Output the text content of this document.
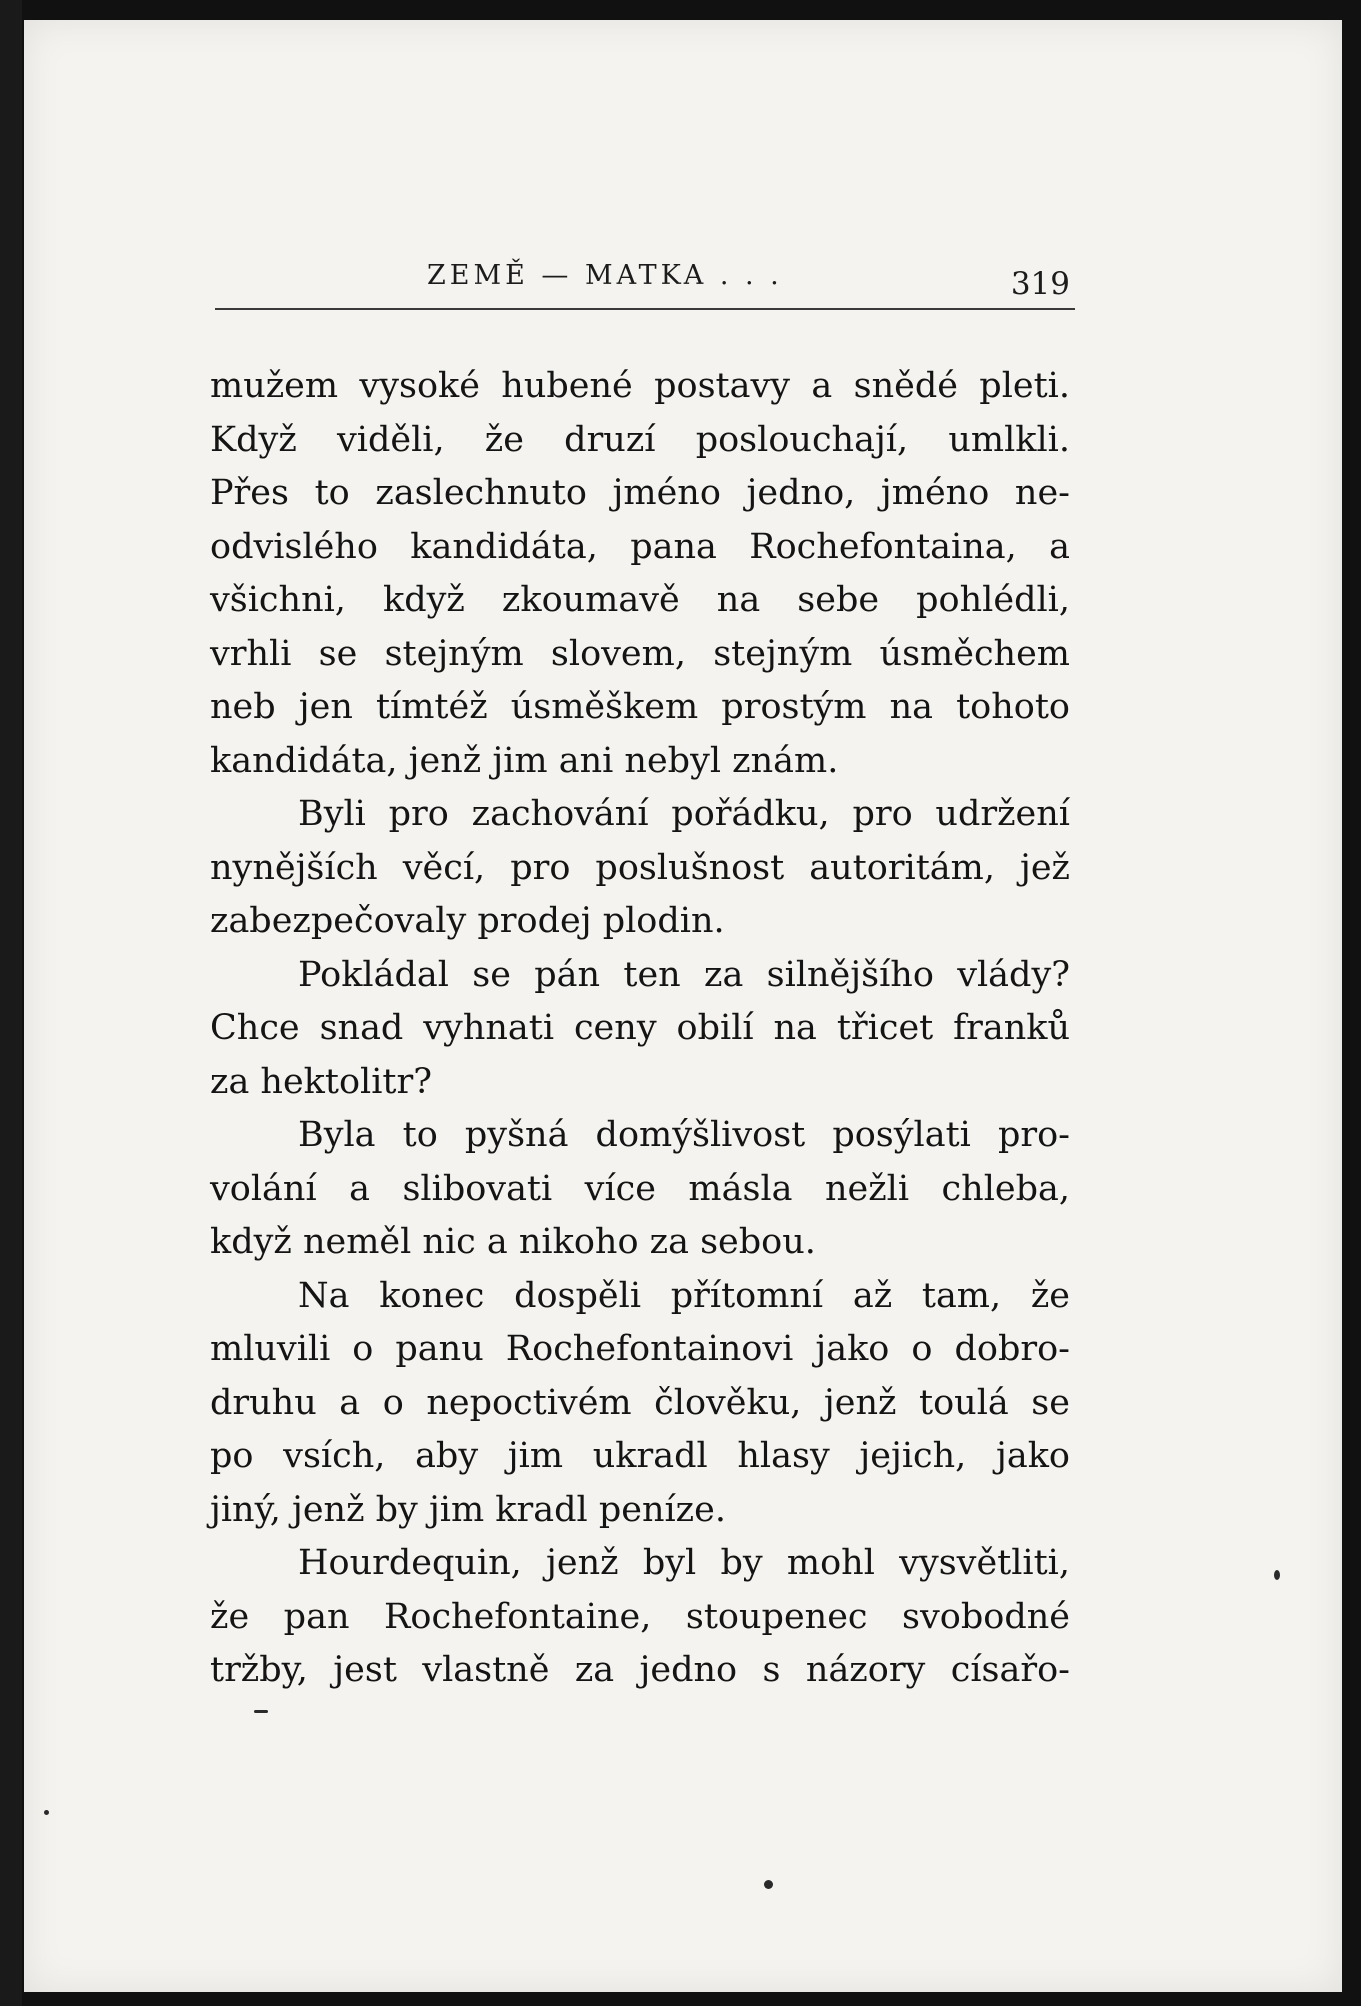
ZEMĚ — MATKA . . .	319
mužem vysoké hubené postavy a snědé pleti.
Když viděli, že druzí poslouchají, umlkli.
Přes to zaslechnuto jméno jedno, jméno ne-
odvislého kandidáta, pana Rochefontaina, a
všichni, když zkoumavě na sebe pohlédli,
vrhli se stejným slovem, stejným úsměchem
neb jen tímtéž úsměškem prostým na tohoto
kandidáta, jenž jim ani nebyl znám.
Byli pro zachování pořádku, pro udržení
nynějších věcí, pro poslušnost autoritám, jež
zabezpečovaly prodej plodin.
Pokládal se pán ten za silnějšího vlády?
Chce snad vyhnati ceny obilí na třicet franků
za hektolitr?
Byla to pyšná domýšlivost posýlati pro-
volání a slibovati více másla nežli chleba,
když neměl nic a nikoho za sebou.
Na konec dospěli přítomní až tam, že
mluvili o panu Rochefontainovi jako o dobro-
druhu a o nepoctivém člověku, jenž toulá se
po vsích, aby jim ukradl hlasy jejich, jako
jiný, jenž by jim kradl peníze.
Hourdequin, jenž byl by mohl vysvětliti,
že pan Rochefontaine, stoupenec svobodné
tržby, jest vlastně za jedno s názory císařo-
